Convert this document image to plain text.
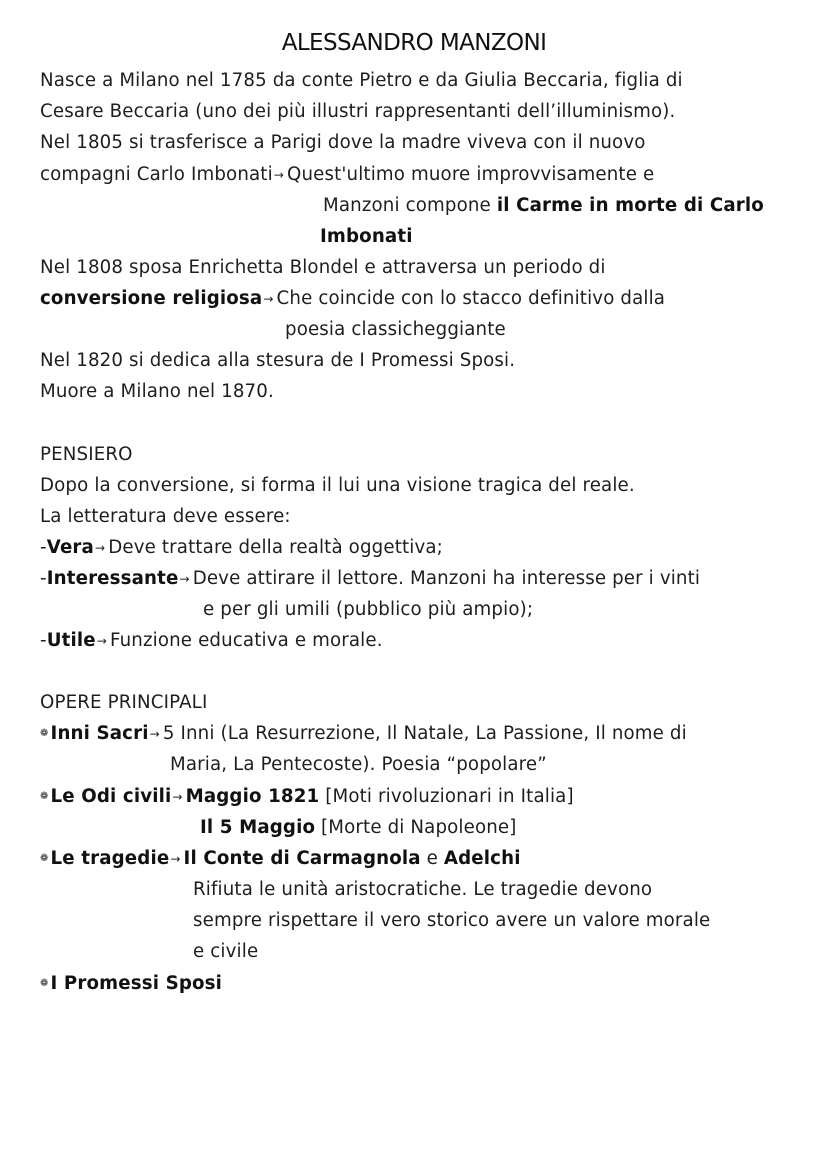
ALESSANDRO MANZONI
Nasce a Milano nel 1785 da conte Pietro e da Giulia Beccaria, figlia di
Cesare Beccaria (uno dei più illustri rappresentanti dell’illuminismo).
Nel 1805 si trasferisce a Parigi dove la madre viveva con il nuovo
compagni Carlo Imbonati→ Quest'ultimo muore improvvisamente e
Manzoni compone il Carme in morte di Carlo
Imbonati
Nel 1808 sposa Enrichetta Blondel e attraversa un periodo di
conversione religiosa→ Che coincide con lo stacco definitivo dalla
poesia classicheggiante
Nel 1820 si dedica alla stesura de I Promessi Sposi.
Muore a Milano nel 1870.
PENSIERO
Dopo la conversione, si forma il lui una visione tragica del reale.
La letteratura deve essere:
-Vera→ Deve trattare della realtà oggettiva;
-Interessante→ Deve attirare il lettore. Manzoni ha interesse per i vinti
e per gli umili (pubblico più ampio);
-Utile→ Funzione educativa e morale.
OPERE PRINCIPALI
❁ Inni Sacri→ 5 Inni (La Resurrezione, Il Natale, La Passione, Il nome di
Maria, La Pentecoste). Poesia “popolare”
❁ Le Odi civili→ Maggio 1821 [Moti rivoluzionari in Italia]
Il 5 Maggio [Morte di Napoleone]
❁ Le tragedie→ Il Conte di Carmagnola e Adelchi
Rifiuta le unità aristocratiche. Le tragedie devono
sempre rispettare il vero storico avere un valore morale
e civile
❁ I Promessi Sposi
